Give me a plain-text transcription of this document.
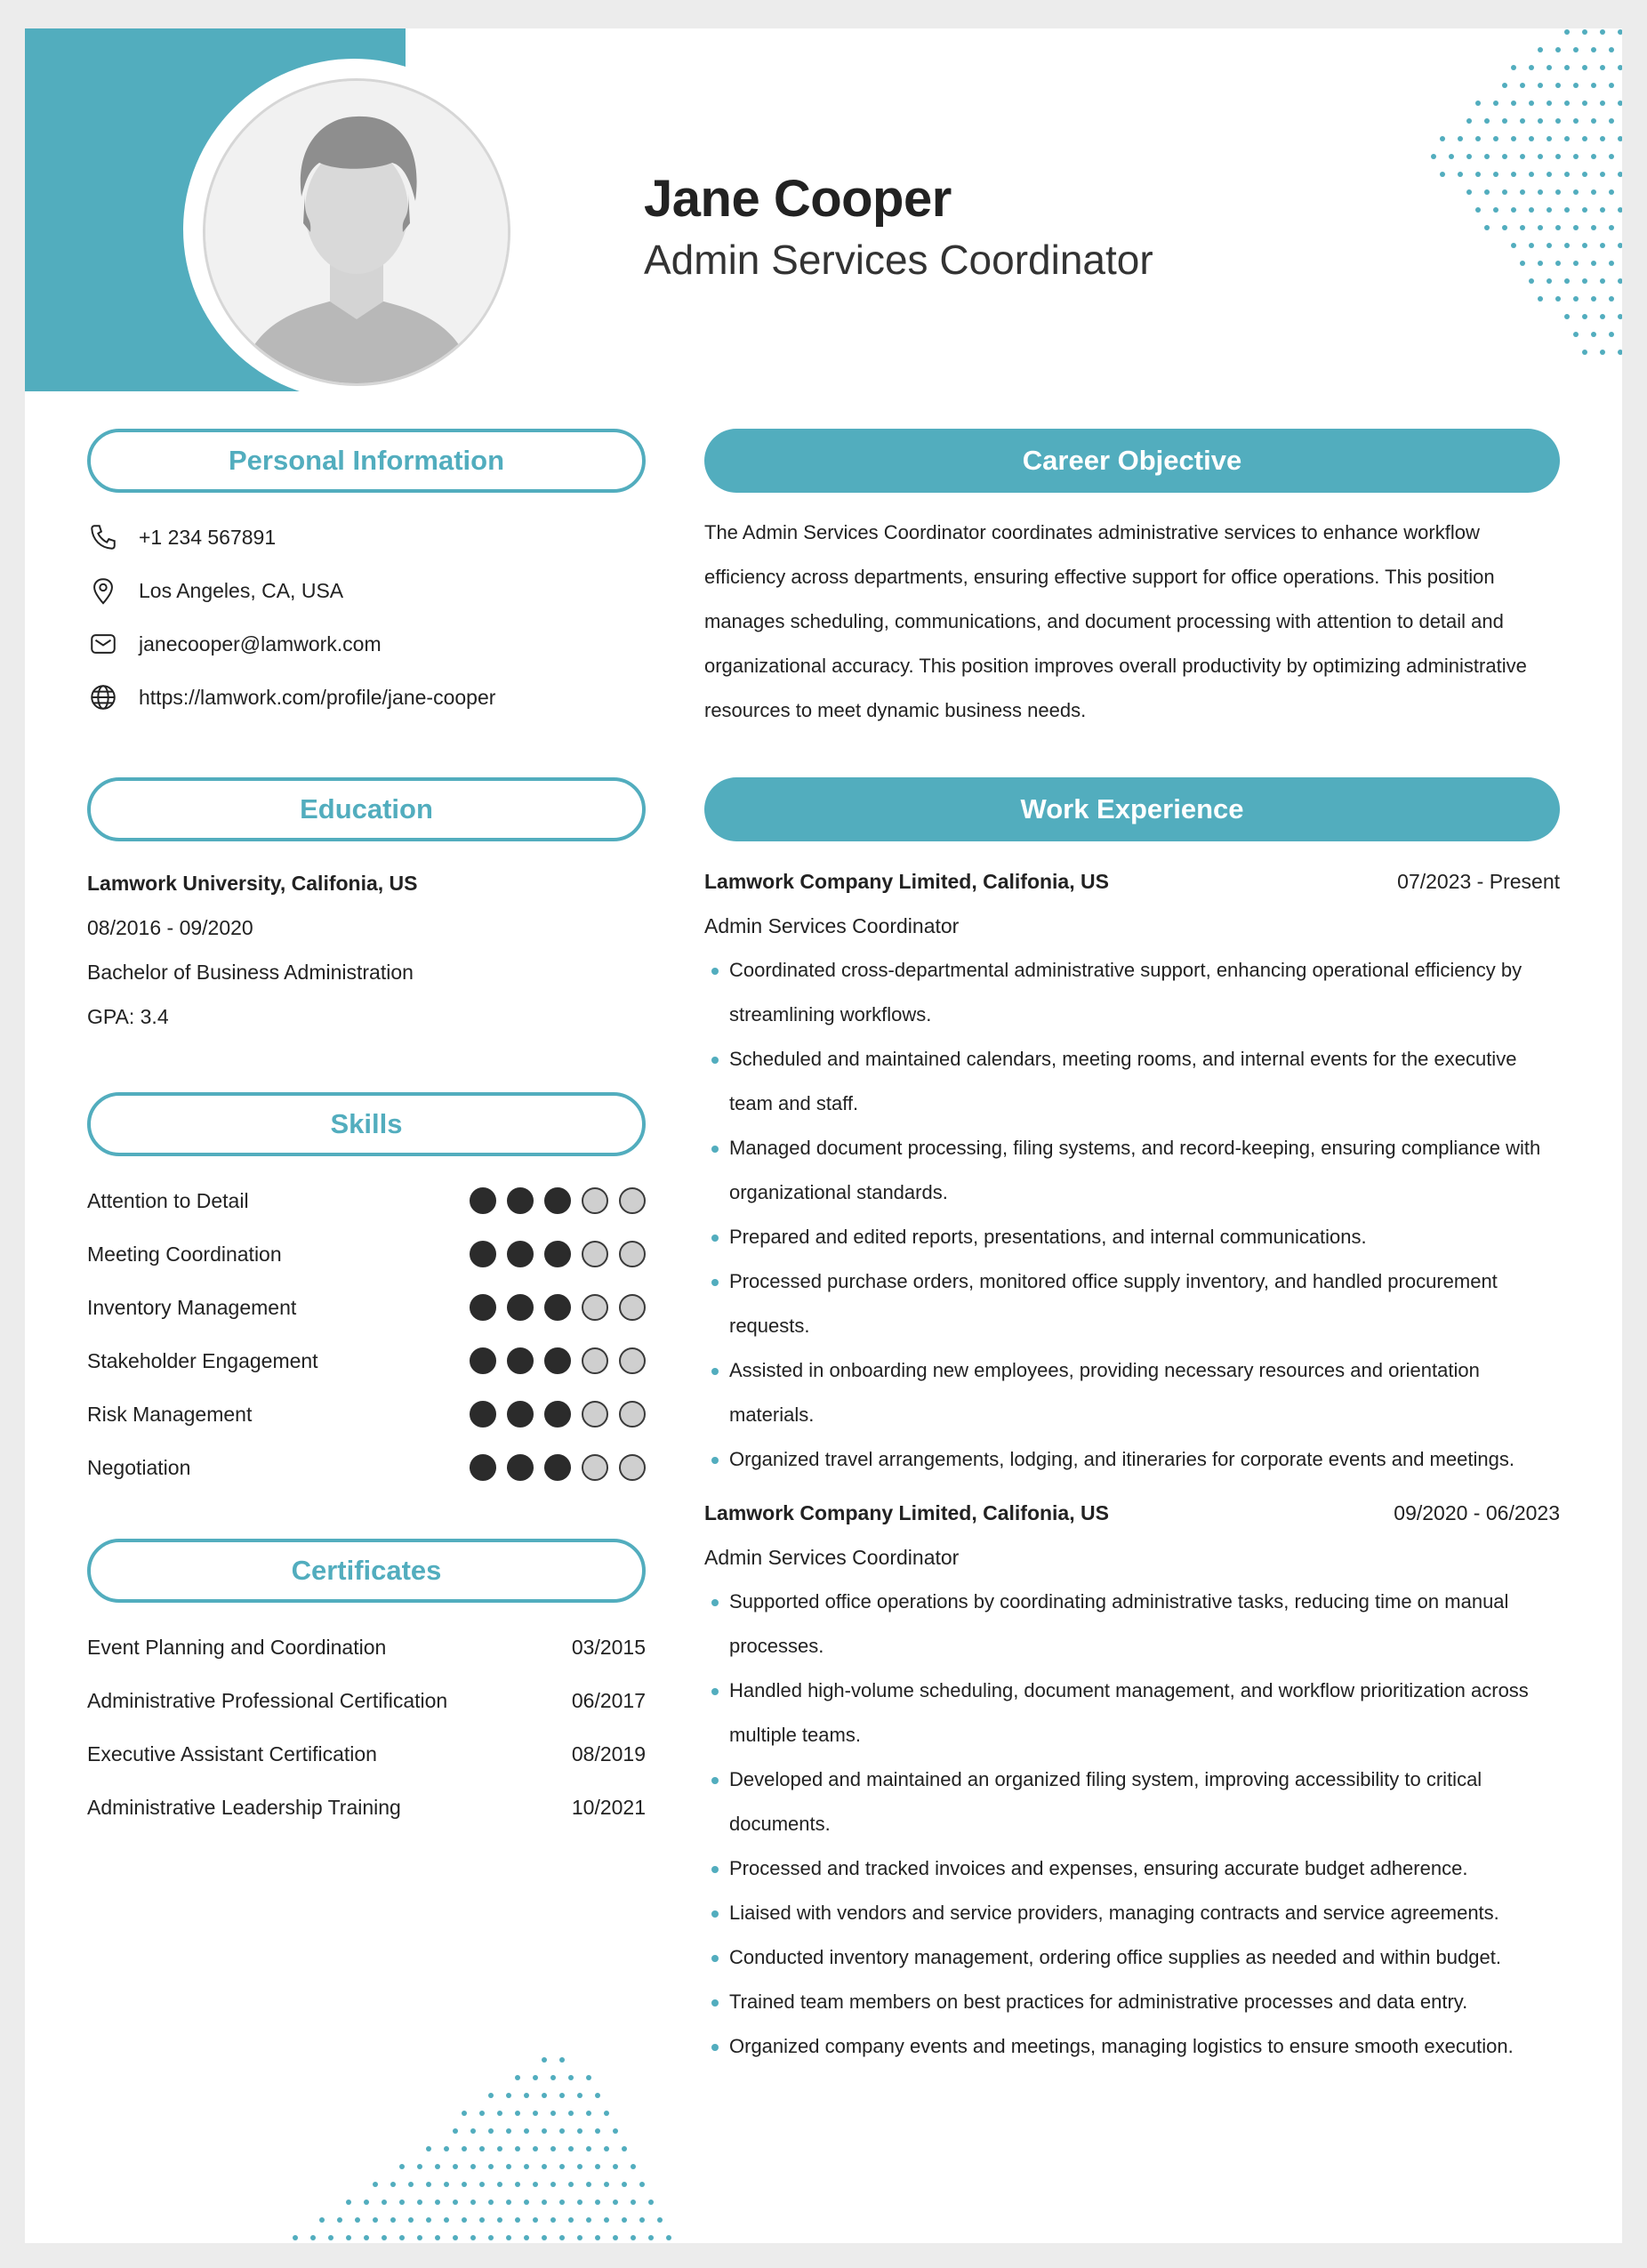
Jane Cooper
Admin Services Coordinator
Personal Information
+1 234 567891
Los Angeles, CA, USA
janecooper@lamwork.com
https://lamwork.com/profile/jane-cooper
Education
Lamwork University, Califonia, US
08/2016 - 09/2020
Bachelor of Business Administration
GPA: 3.4
Skills
Attention to Detail
Meeting Coordination
Inventory Management
Stakeholder Engagement
Risk Management
Negotiation
Certificates
Event Planning and Coordination	03/2015
Administrative Professional Certification	06/2017
Executive Assistant Certification	08/2019
Administrative Leadership Training	10/2021
Career Objective
The Admin Services Coordinator coordinates administrative services to enhance workflow efficiency across departments, ensuring effective support for office operations. This position manages scheduling, communications, and document processing with attention to detail and organizational accuracy. This position improves overall productivity by optimizing administrative resources to meet dynamic business needs.
Work Experience
Lamwork Company Limited, Califonia, US	07/2023 - Present
Admin Services Coordinator
Coordinated cross-departmental administrative support, enhancing operational efficiency by streamlining workflows.
Scheduled and maintained calendars, meeting rooms, and internal events for the executive team and staff.
Managed document processing, filing systems, and record-keeping, ensuring compliance with organizational standards.
Prepared and edited reports, presentations, and internal communications.
Processed purchase orders, monitored office supply inventory, and handled procurement requests.
Assisted in onboarding new employees, providing necessary resources and orientation materials.
Organized travel arrangements, lodging, and itineraries for corporate events and meetings.
Lamwork Company Limited, Califonia, US	09/2020 - 06/2023
Admin Services Coordinator
Supported office operations by coordinating administrative tasks, reducing time on manual processes.
Handled high-volume scheduling, document management, and workflow prioritization across multiple teams.
Developed and maintained an organized filing system, improving accessibility to critical documents.
Processed and tracked invoices and expenses, ensuring accurate budget adherence.
Liaised with vendors and service providers, managing contracts and service agreements.
Conducted inventory management, ordering office supplies as needed and within budget.
Trained team members on best practices for administrative processes and data entry.
Organized company events and meetings, managing logistics to ensure smooth execution.
